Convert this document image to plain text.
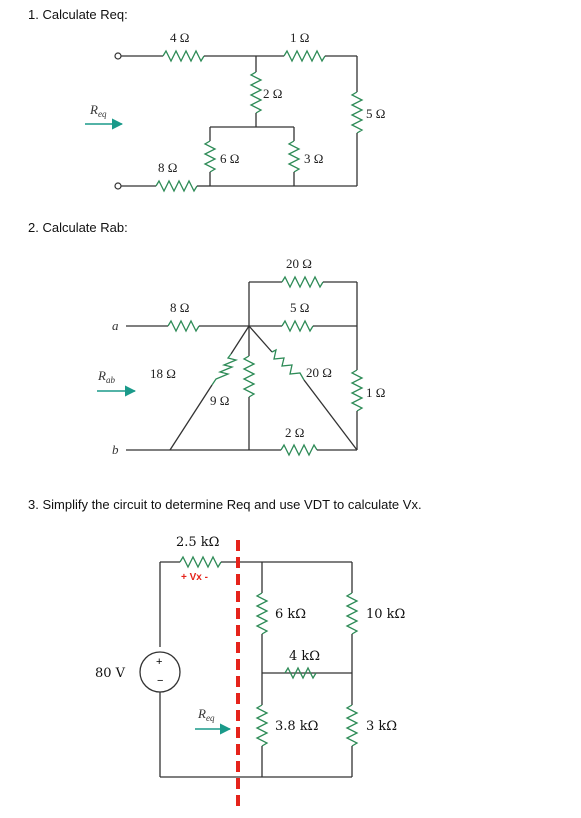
1. Calculate Req:
2. Calculate Rab:
3. Simplify the circuit to determine Req and use VDT to calculate Vx.
$R_{eq}$
4 Ω	1 Ω
2 Ω
5 Ω
8 Ω
6 Ω	3 Ω
a
b
$R_{ab}$
20 Ω
8 Ω	5 Ω
18 Ω	20 Ω
1 Ω
9 Ω
2 Ω
+
−
80 V
$R_{eq}$
2.5 kΩ
+ Vx -
6 kΩ	10 kΩ
4 kΩ
3.8 kΩ	3 kΩ
